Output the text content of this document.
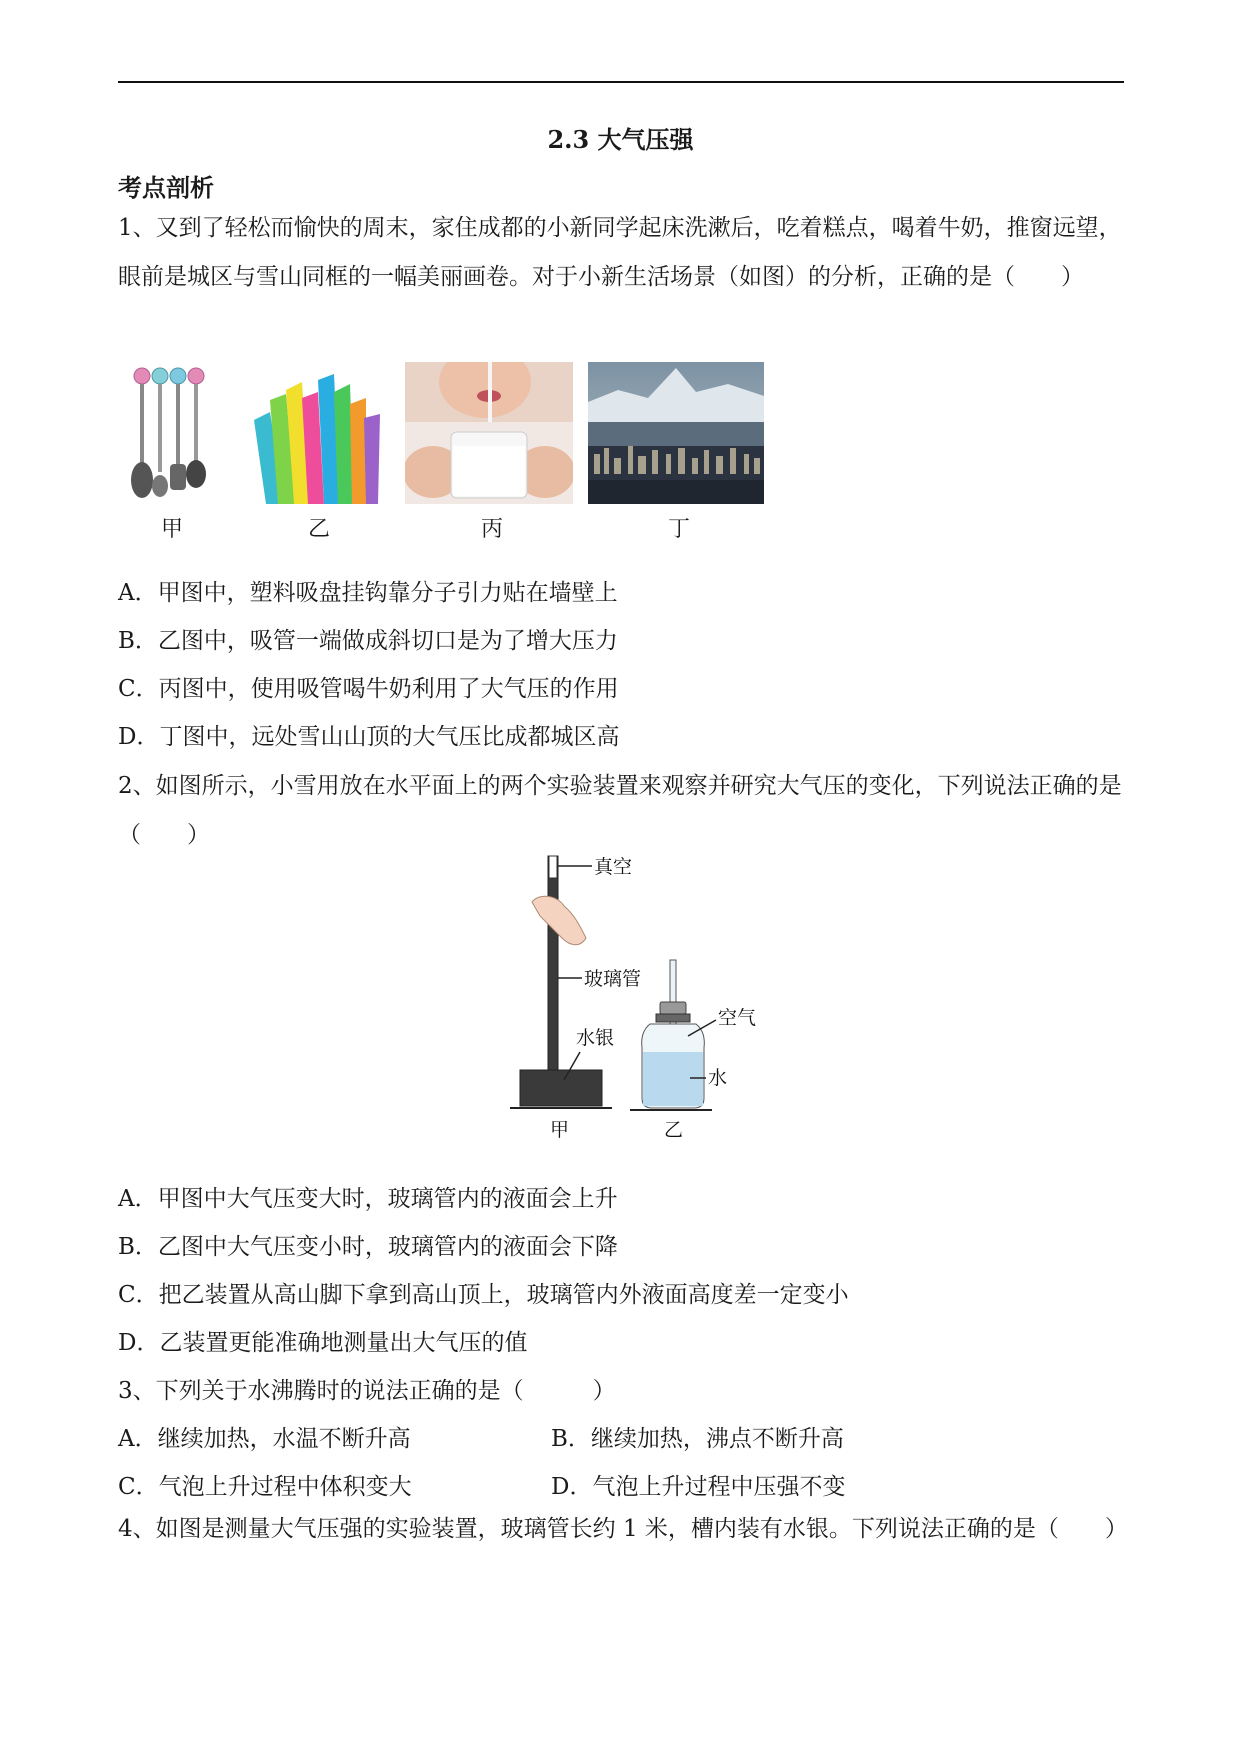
2.3 大气压强
考点剖析
1、又到了轻松而愉快的周末，家住成都的小新同学起床洗漱后，吃着糕点，喝着牛奶，推窗远望，眼前是城区与雪山同框的一幅美丽画卷。对于小新生活场景（如图）的分析，正确的是（　　）
甲	乙	丙	丁
A．甲图中，塑料吸盘挂钩靠分子引力贴在墙壁上
B．乙图中，吸管一端做成斜切口是为了增大压力
C．丙图中，使用吸管喝牛奶利用了大气压的作用
D．丁图中，远处雪山山顶的大气压比成都城区高
2、如图所示，小雪用放在水平面上的两个实验装置来观察并研究大气压的变化，下列说法正确的是（　　）
真空
玻璃管
水银
甲
空气
水
乙
A．甲图中大气压变大时，玻璃管内的液面会上升
B．乙图中大气压变小时，玻璃管内的液面会下降
C．把乙装置从高山脚下拿到高山顶上，玻璃管内外液面高度差一定变小
D．乙装置更能准确地测量出大气压的值
3、下列关于水沸腾时的说法正确的是（　　　）
A．继续加热，水温不断升高	B．继续加热，沸点不断升高
C．气泡上升过程中体积变大	D．气泡上升过程中压强不变
4、如图是测量大气压强的实验装置，玻璃管长约 1 米，槽内装有水银。下列说法正确的是（　　）
